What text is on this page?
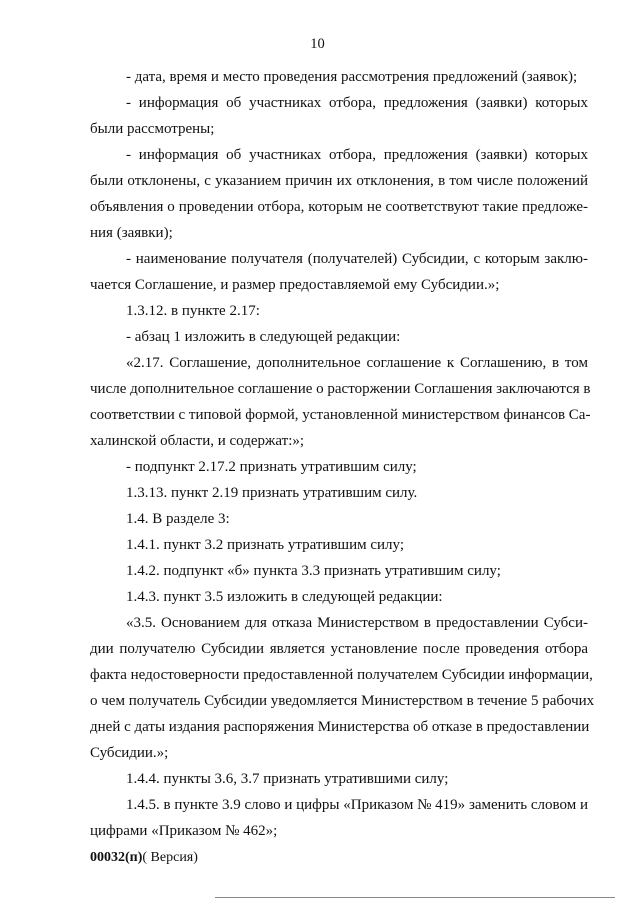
10
- дата, время и место проведения рассмотрения предложений (заявок);
- информация об участниках отбора, предложения (заявки) которых
были рассмотрены;
- информация об участниках отбора, предложения (заявки) которых
были отклонены, с указанием причин их отклонения, в том числе положений
объявления о проведении отбора, которым не соответствуют такие предложе-
ния (заявки);
- наименование получателя (получателей) Субсидии, с которым заклю-
чается Соглашение, и размер предоставляемой ему Субсидии.»;
1.3.12. в пункте 2.17:
- абзац 1 изложить в следующей редакции:
«2.17. Соглашение, дополнительное соглашение к Соглашению, в том
числе дополнительное соглашение о расторжении Соглашения заключаются в
соответствии с типовой формой, установленной министерством финансов Са-
халинской области, и содержат:»;
- подпункт 2.17.2 признать утратившим силу;
1.3.13. пункт 2.19 признать утратившим силу.
1.4. В разделе 3:
1.4.1. пункт 3.2 признать утратившим силу;
1.4.2. подпункт «б» пункта 3.3 признать утратившим силу;
1.4.3. пункт 3.5 изложить в следующей редакции:
«3.5. Основанием для отказа Министерством в предоставлении Субси-
дии получателю Субсидии является установление после проведения отбора
факта недостоверности предоставленной получателем Субсидии информации,
о чем получатель Субсидии уведомляется Министерством в течение 5 рабочих
дней с даты издания распоряжения Министерства об отказе в предоставлении
Субсидии.»;
1.4.4. пункты 3.6, 3.7 признать утратившими силу;
1.4.5. в пункте 3.9 слово и цифры «Приказом № 419» заменить словом и
цифрами «Приказом № 462»;
00032(п)( Версия)
